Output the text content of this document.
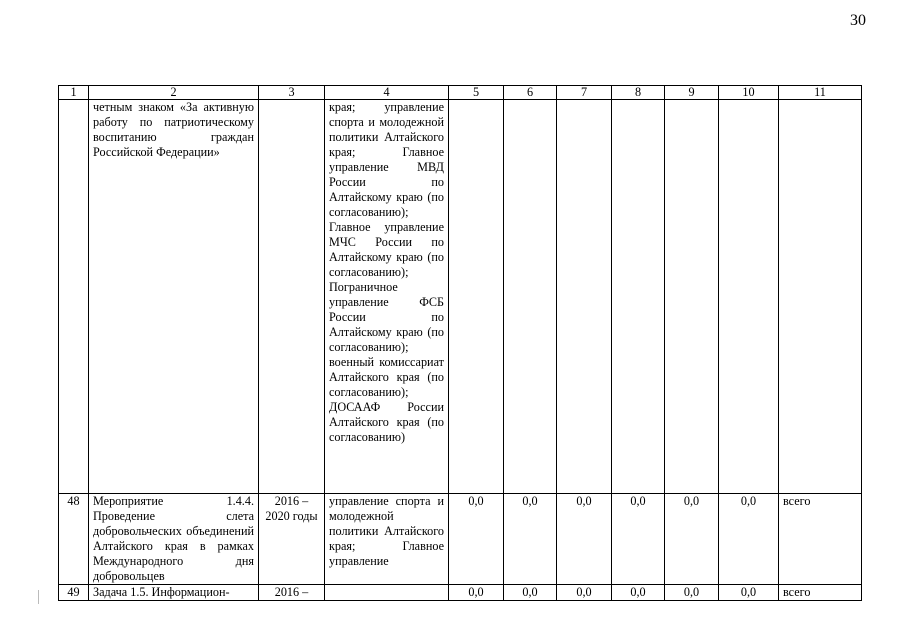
30
1	2	3	4	5	6	7	8	9	10	11
	четным знаком «За активную работу по патриотическому воспитанию граждан Российской Федерации»		края; управление спорта и молодежной политики Алтайского края; Главное управление МВД России по Алтайскому краю (по согласованию); Главное управление МЧС России по Алтайскому краю (по согласованию); Пограничное управление ФСБ России по Алтайскому краю (по согласованию); военный комиссариат Алтайского края (по согласованию); ДОСААФ России Алтайского края (по согласованию)							
48	Мероприятие 1.4.4. Проведение слета добровольческих объединений Алтайского края в рамках Международного дня добровольцев	2016 – 2020 годы	управление спорта и молодежной политики Алтайского края; Главное управление	0,0	0,0	0,0	0,0	0,0	0,0	всего
49	Задача 1.5. Информацион-	2016 –		0,0	0,0	0,0	0,0	0,0	0,0	всего
